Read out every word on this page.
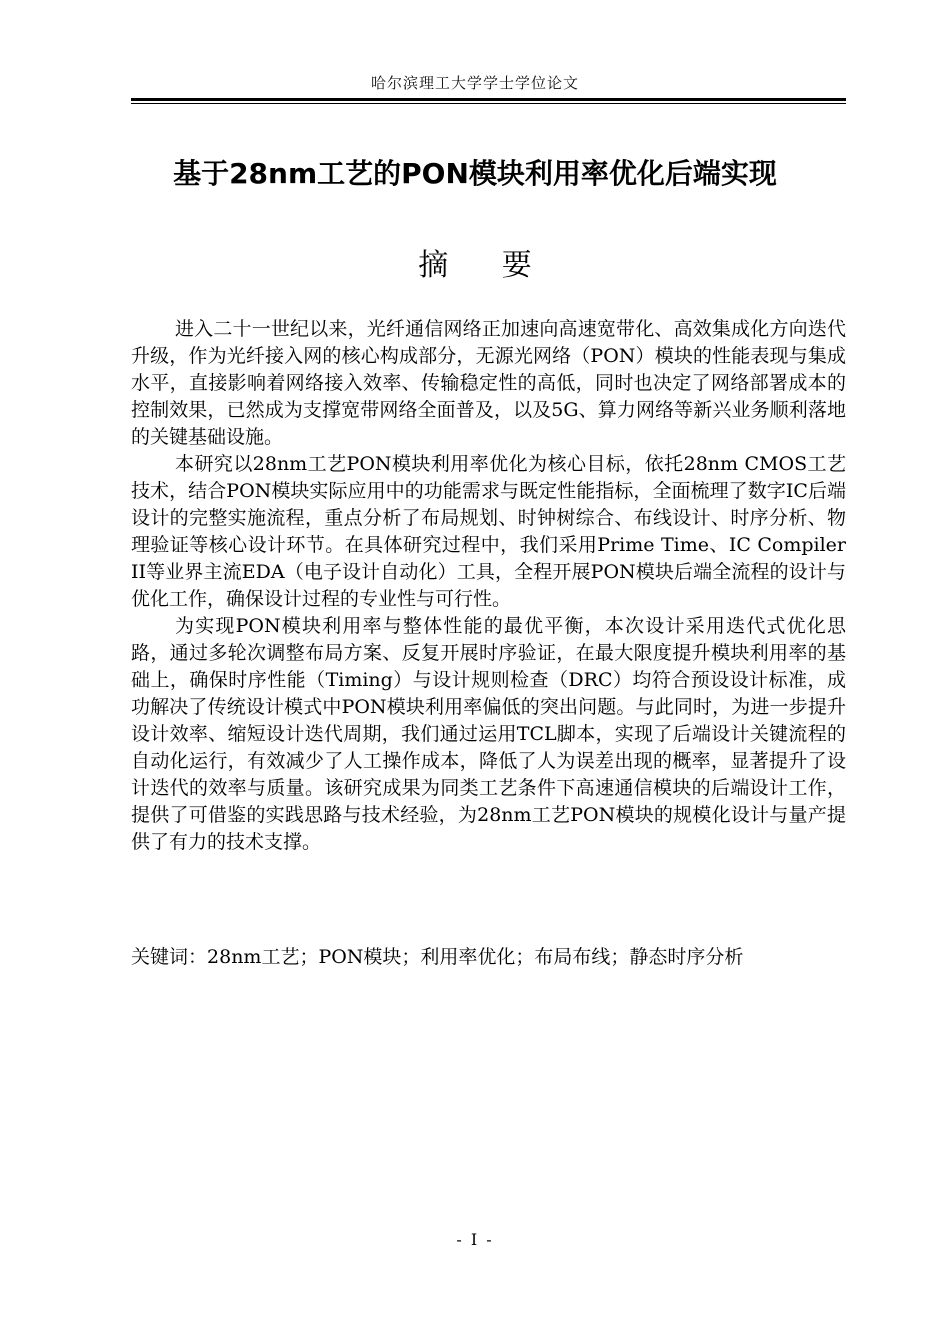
哈尔滨理工大学学士学位论文
基于28nm工艺的PON模块利用率优化后端实现
摘 要

进入二十一世纪以来，光纤通信网络正加速向高速宽带化、高效集成化方向迭代升级，作为光纤接入网的核心构成部分，无源光网络（PON）模块的性能表现与集成水平，直接影响着网络接入效率、传输稳定性的高低，同时也决定了网络部署成本的控制效果，已然成为支撑宽带网络全面普及，以及5G、算力网络等新兴业务顺利落地的关键基础设施。

本研究以28nm工艺PON模块利用率优化为核心目标，依托28nm CMOS工艺技术，结合PON模块实际应用中的功能需求与既定性能指标，全面梳理了数字IC后端设计的完整实施流程，重点分析了布局规划、时钟树综合、布线设计、时序分析、物理验证等核心设计环节。在具体研究过程中，我们采用Prime Time、IC Compiler II等业界主流EDA（电子设计自动化）工具，全程开展PON模块后端全流程的设计与优化工作，确保设计过程的专业性与可行性。

为实现PON模块利用率与整体性能的最优平衡，本次设计采用迭代式优化思路，通过多轮次调整布局方案、反复开展时序验证，在最大限度提升模块利用率的基础上，确保时序性能（Timing）与设计规则检查（DRC）均符合预设设计标准，成功解决了传统设计模式中PON模块利用率偏低的突出问题。与此同时，为进一步提升设计效率、缩短设计迭代周期，我们通过运用TCL脚本，实现了后端设计关键流程的自动化运行，有效减少了人工操作成本，降低了人为误差出现的概率，显著提升了设计迭代的效率与质量。该研究成果为同类工艺条件下高速通信模块的后端设计工作，提供了可借鉴的实践思路与技术经验，为28nm工艺PON模块的规模化设计与量产提供了有力的技术支撑。

关键词：28nm工艺；PON模块；利用率优化；布局布线；静态时序分析
- I -
